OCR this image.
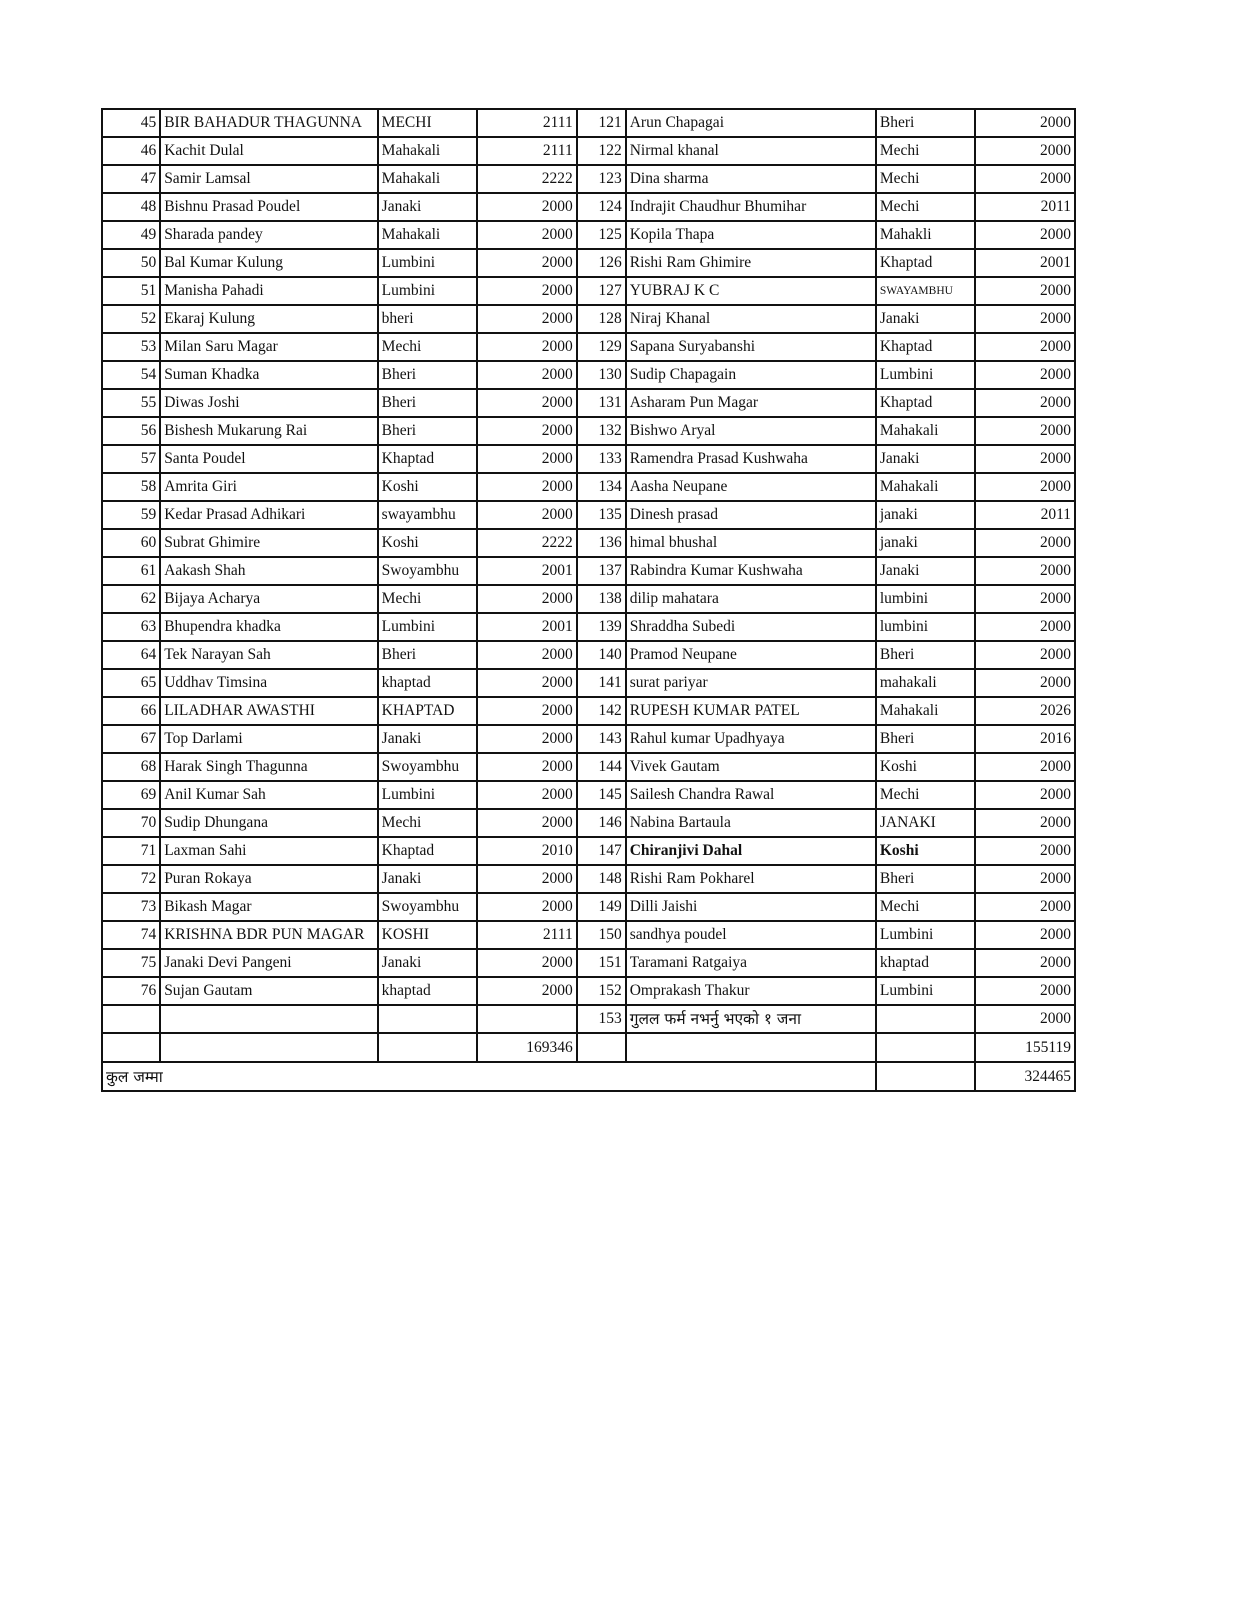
45	BIR BAHADUR THAGUNNA	MECHI	2111	121	Arun Chapagai	Bheri	2000
46	Kachit Dulal	Mahakali	2111	122	Nirmal khanal	Mechi	2000
47	Samir Lamsal	Mahakali	2222	123	Dina sharma	Mechi	2000
48	Bishnu Prasad Poudel	Janaki	2000	124	Indrajit Chaudhur Bhumihar	Mechi	2011
49	Sharada pandey	Mahakali	2000	125	Kopila Thapa	Mahakli	2000
50	Bal Kumar Kulung	Lumbini	2000	126	Rishi Ram Ghimire	Khaptad	2001
51	Manisha Pahadi	Lumbini	2000	127	YUBRAJ K C	SWAYAMBHU	2000
52	Ekaraj Kulung	bheri	2000	128	Niraj Khanal	Janaki	2000
53	Milan Saru Magar	Mechi	2000	129	Sapana Suryabanshi	Khaptad	2000
54	Suman Khadka	Bheri	2000	130	Sudip Chapagain	Lumbini	2000
55	Diwas Joshi	Bheri	2000	131	Asharam Pun Magar	Khaptad	2000
56	Bishesh Mukarung Rai	Bheri	2000	132	Bishwo Aryal	Mahakali	2000
57	Santa Poudel	Khaptad	2000	133	Ramendra Prasad Kushwaha	Janaki	2000
58	Amrita Giri	Koshi	2000	134	Aasha Neupane	Mahakali	2000
59	Kedar Prasad Adhikari	swayambhu	2000	135	Dinesh prasad	janaki	2011
60	Subrat Ghimire	Koshi	2222	136	himal bhushal	janaki	2000
61	Aakash Shah	Swoyambhu	2001	137	Rabindra Kumar Kushwaha	Janaki	2000
62	Bijaya Acharya	Mechi	2000	138	dilip mahatara	lumbini	2000
63	Bhupendra khadka	Lumbini	2001	139	Shraddha Subedi	lumbini	2000
64	Tek Narayan Sah	Bheri	2000	140	Pramod Neupane	Bheri	2000
65	Uddhav Timsina	khaptad	2000	141	surat pariyar	mahakali	2000
66	LILADHAR AWASTHI	KHAPTAD	2000	142	RUPESH KUMAR PATEL	Mahakali	2026
67	Top Darlami	Janaki	2000	143	Rahul kumar Upadhyaya	Bheri	2016
68	Harak Singh Thagunna	Swoyambhu	2000	144	Vivek Gautam	Koshi	2000
69	Anil Kumar Sah	Lumbini	2000	145	Sailesh Chandra Rawal	Mechi	2000
70	Sudip Dhungana	Mechi	2000	146	Nabina Bartaula	JANAKI	2000
71	Laxman Sahi	Khaptad	2010	147	Chiranjivi Dahal	Koshi	2000
72	Puran Rokaya	Janaki	2000	148	Rishi Ram Pokharel	Bheri	2000
73	Bikash Magar	Swoyambhu	2000	149	Dilli Jaishi	Mechi	2000
74	KRISHNA BDR PUN MAGAR	KOSHI	2111	150	sandhya poudel	Lumbini	2000
75	Janaki Devi Pangeni	Janaki	2000	151	Taramani Ratgaiya	khaptad	2000
76	Sujan Gautam	khaptad	2000	152	Omprakash Thakur	Lumbini	2000
				153	गुलल फर्म नभर्नु भएको १ जना		2000
			169346				155119
कुल जम्मा							324465
